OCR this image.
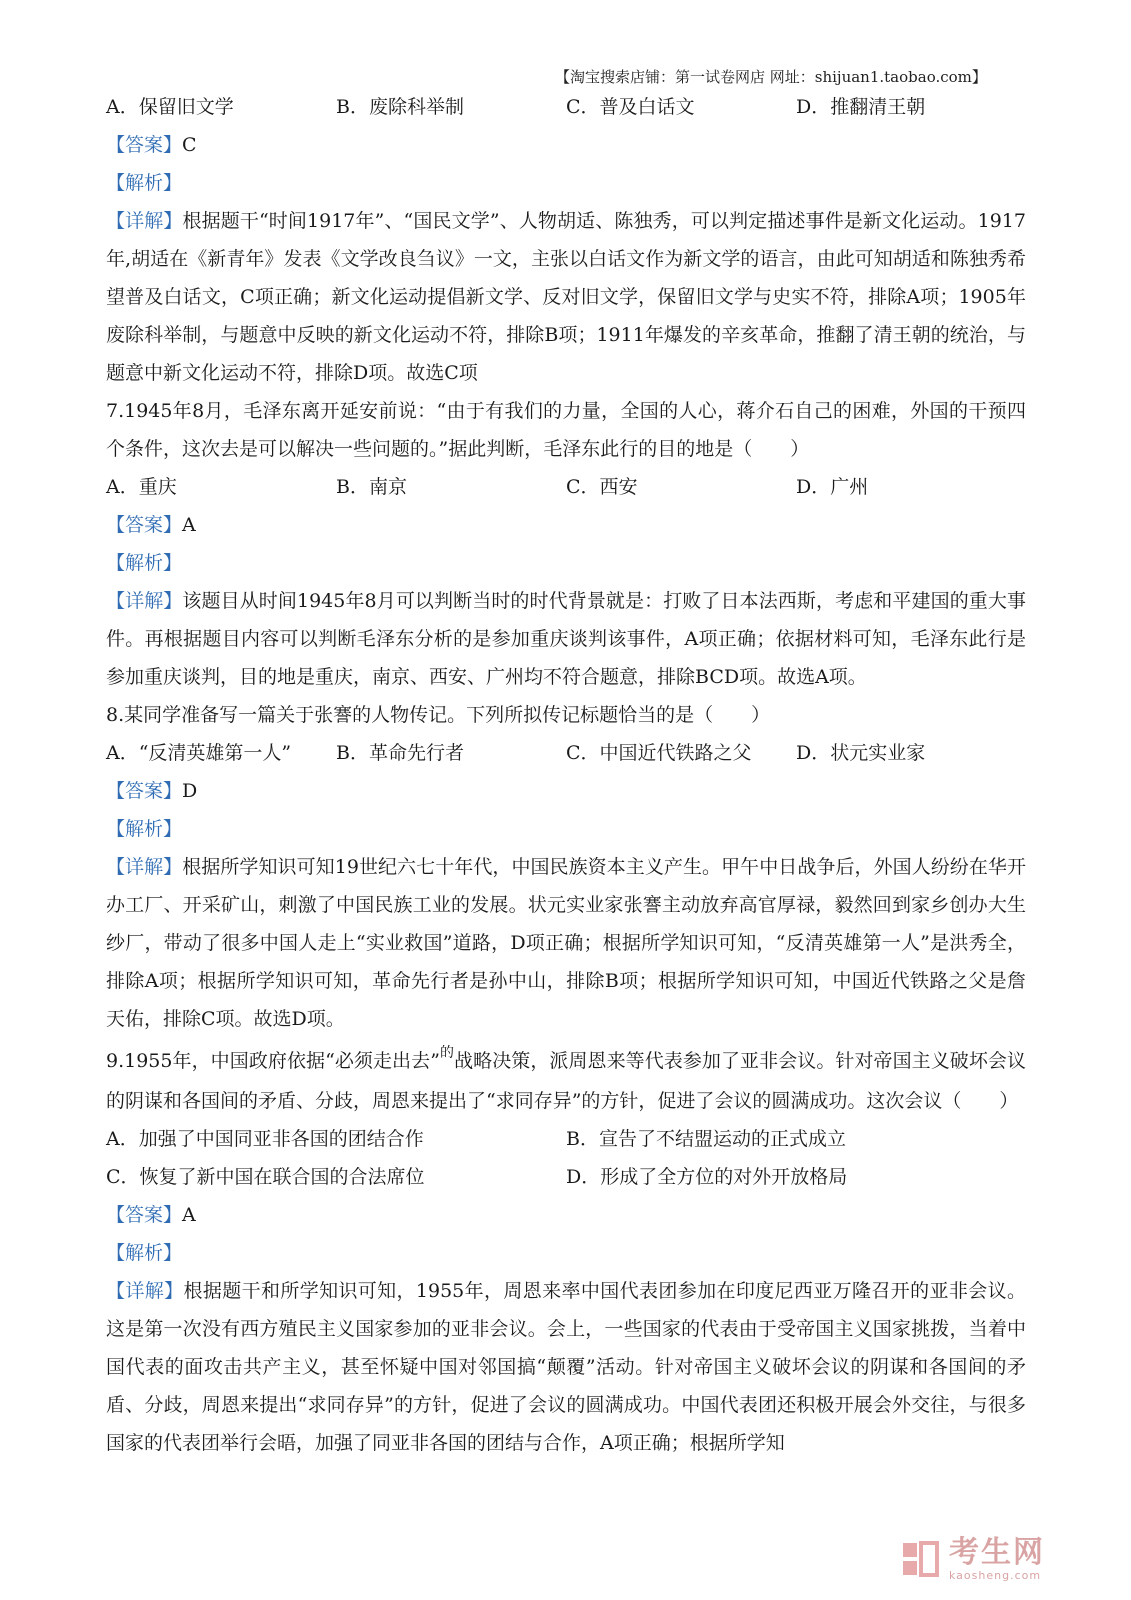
【淘宝搜索店铺：第一试卷网店 网址：shijuan1.taobao.com】
A．保留旧文学	B．废除科举制	C．普及白话文	D．推翻清王朝
【答案】C
【解析】
【详解】根据题干“时间1917年”、“国民文学”、人物胡适、陈独秀，可以判定描述事件是新文化运动。1917年,胡适在《新青年》发表《文学改良刍议》一文，主张以白话文作为新文学的语言，由此可知胡适和陈独秀希望普及白话文，C项正确；新文化运动提倡新文学、反对旧文学，保留旧文学与史实不符，排除A项；1905年废除科举制，与题意中反映的新文化运动不符，排除B项；1911年爆发的辛亥革命，推翻了清王朝的统治，与题意中新文化运动不符，排除D项。故选C项
7.1945年8月，毛泽东离开延安前说：“由于有我们的力量，全国的人心，蒋介石自己的困难，外国的干预四个条件，这次去是可以解决一些问题的。”据此判断，毛泽东此行的目的地是（　　）
A．重庆	B．南京	C．西安	D．广州
【答案】A
【解析】
【详解】该题目从时间1945年8月可以判断当时的时代背景就是：打败了日本法西斯，考虑和平建国的重大事件。再根据题目内容可以判断毛泽东分析的是参加重庆谈判该事件，A项正确；依据材料可知，毛泽东此行是参加重庆谈判，目的地是重庆，南京、西安、广州均不符合题意，排除BCD项。故选A项。
8.某同学准备写一篇关于张謇的人物传记。下列所拟传记标题恰当的是（　　）
A．“反清英雄第一人”	B．革命先行者	C．中国近代铁路之父	D．状元实业家
【答案】D
【解析】
【详解】根据所学知识可知19世纪六七十年代，中国民族资本主义产生。甲午中日战争后，外国人纷纷在华开办工厂、开采矿山，刺激了中国民族工业的发展。状元实业家张謇主动放弃高官厚禄，毅然回到家乡创办大生纱厂，带动了很多中国人走上“实业救国”道路，D项正确；根据所学知识可知，“反清英雄第一人”是洪秀全，排除A项；根据所学知识可知，革命先行者是孙中山，排除B项；根据所学知识可知，中国近代铁路之父是詹天佑，排除C项。故选D项。
9.1955年，中国政府依据“必须走出去”$^的$战略决策，派周恩来等代表参加了亚非会议。针对帝国主义破坏会议的阴谋和各国间的矛盾、分歧，周恩来提出了“求同存异”的方针，促进了会议的圆满成功。这次会议（　　）
A．加强了中国同亚非各国的团结合作	B．宣告了不结盟运动的正式成立
C．恢复了新中国在联合国的合法席位	D．形成了全方位的对外开放格局
【答案】A
【解析】
【详解】根据题干和所学知识可知，1955年，周恩来率中国代表团参加在印度尼西亚万隆召开的亚非会议。这是第一次没有西方殖民主义国家参加的亚非会议。会上，一些国家的代表由于受帝国主义国家挑拨，当着中国代表的面攻击共产主义，甚至怀疑中国对邻国搞“颠覆”活动。针对帝国主义破坏会议的阴谋和各国间的矛盾、分歧，周恩来提出“求同存异”的方针，促进了会议的圆满成功。中国代表团还积极开展会外交往，与很多国家的代表团举行会晤，加强了同亚非各国的团结与合作，A项正确；根据所学知
考生网
kaosheng.com
